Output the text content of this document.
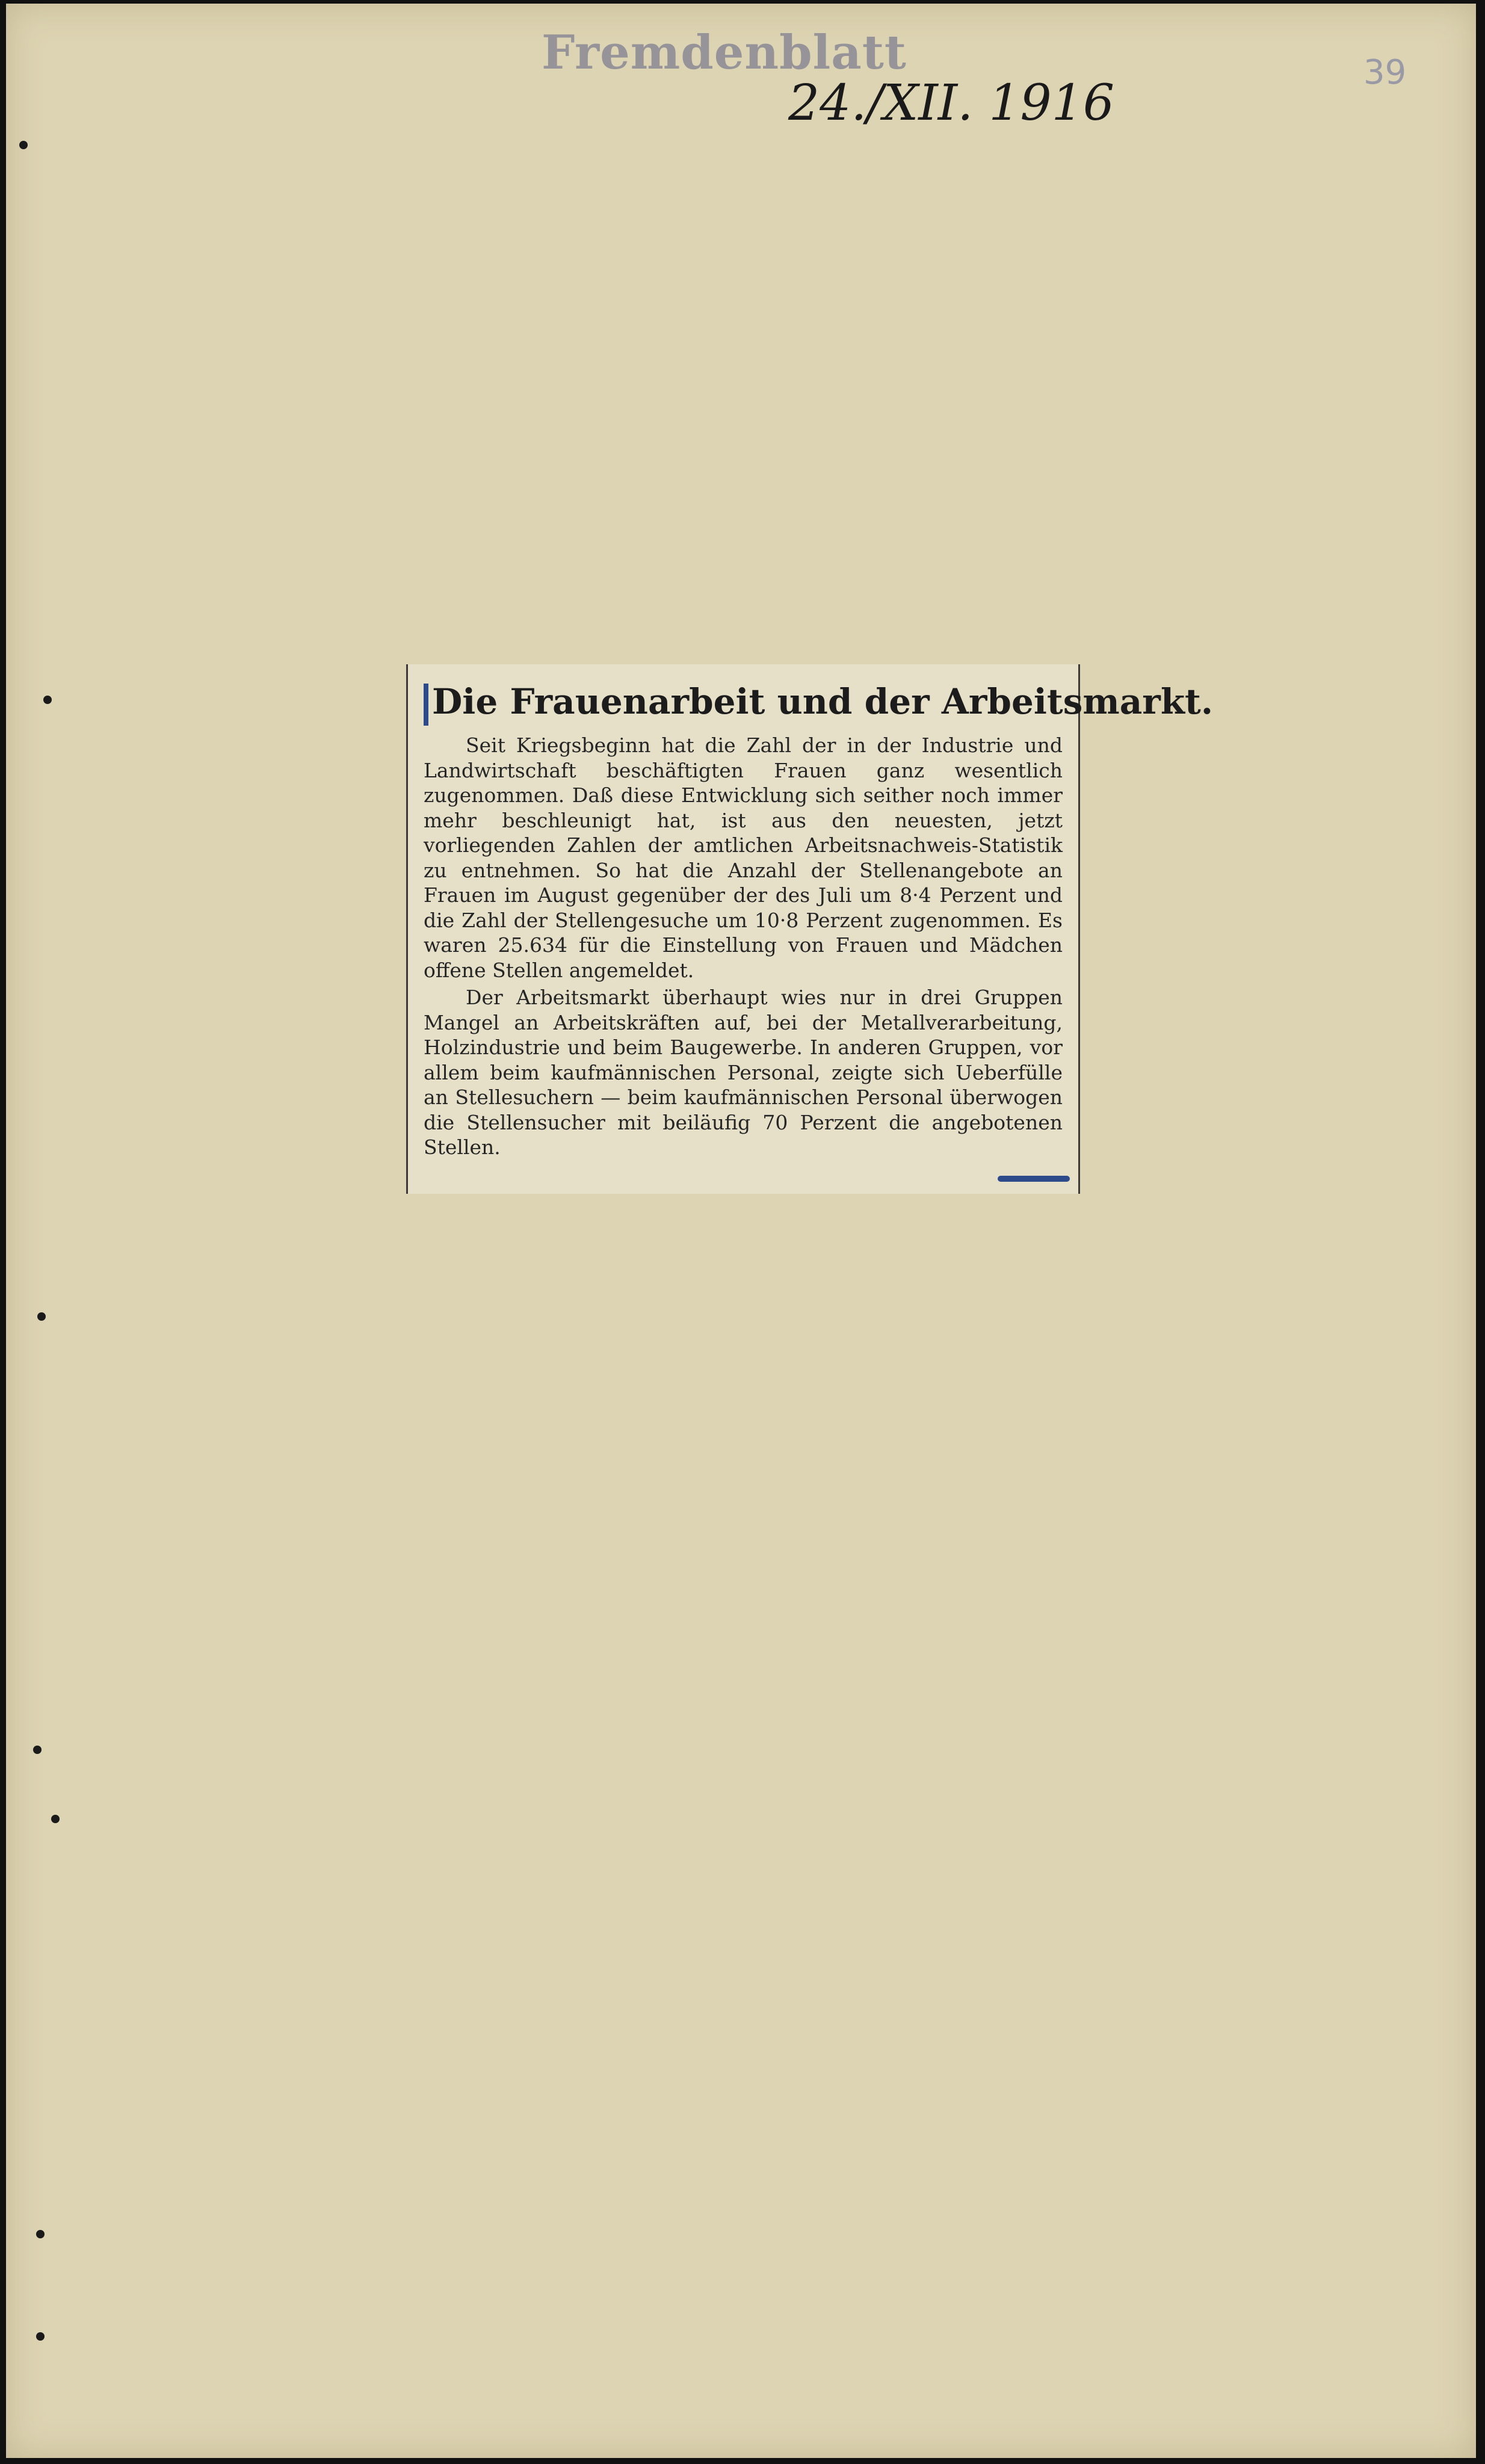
Fremdenblatt
24./XII. 1916
39
Die Frauenarbeit und der Arbeitsmarkt.

Seit Kriegsbeginn hat die Zahl der in der Industrie und Landwirtschaft beschäftigten Frauen ganz wesentlich zugenommen. Daß diese Entwicklung sich seither noch immer mehr beschleunigt hat, ist aus den neuesten, jetzt vorliegenden Zahlen der amtlichen Arbeitsnachweis-Statistik zu entnehmen. So hat die Anzahl der Stellenangebote an Frauen im August gegenüber der des Juli um 8·4 Perzent und die Zahl der Stellengesuche um 10·8 Perzent zugenommen. Es waren 25.634 für die Einstellung von Frauen und Mädchen offene Stellen angemeldet.

Der Arbeitsmarkt überhaupt wies nur in drei Gruppen Mangel an Arbeitskräften auf, bei der Metallverarbeitung, Holzindustrie und beim Baugewerbe. In anderen Gruppen, vor allem beim kaufmännischen Personal, zeigte sich Ueberfülle an Stellesuchern — beim kaufmännischen Personal überwogen die Stellensucher mit beiläufig 70 Perzent die angebotenen Stellen.
